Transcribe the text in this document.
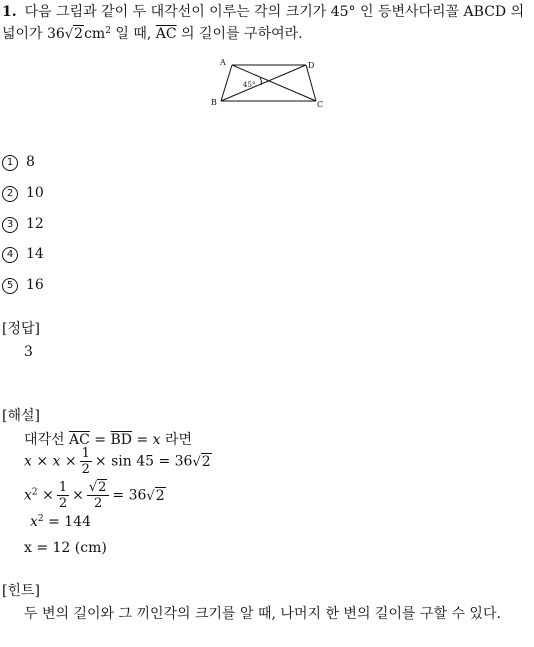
1. 다음 그림과 같이 두 대각선이 이루는 각의 크기가 45° 인 등변사다리꼴 ABCD 의 넓이가 $36√2cm^2$ 일 때, $\overline{AC}$ 의 길이를 구하여라.
A	D
B	C
45°
1 8
2 10
3 12
4 14
5 16
[정답]
3
[해설]
대각선 $\overline{AC} = \overline{BD} = x$ 라면
$x \times x \times \frac{1}{2} \times \sin 45 = 36√2$
$x^2 \times \frac{1}{2} \times \frac{√2}{2} = 36√2$
$x^2 = 144$
x = 12 (cm)
[힌트]
두 변의 길이와 그 끼인각의 크기를 알 때, 나머지 한 변의 길이를 구할 수 있다.
